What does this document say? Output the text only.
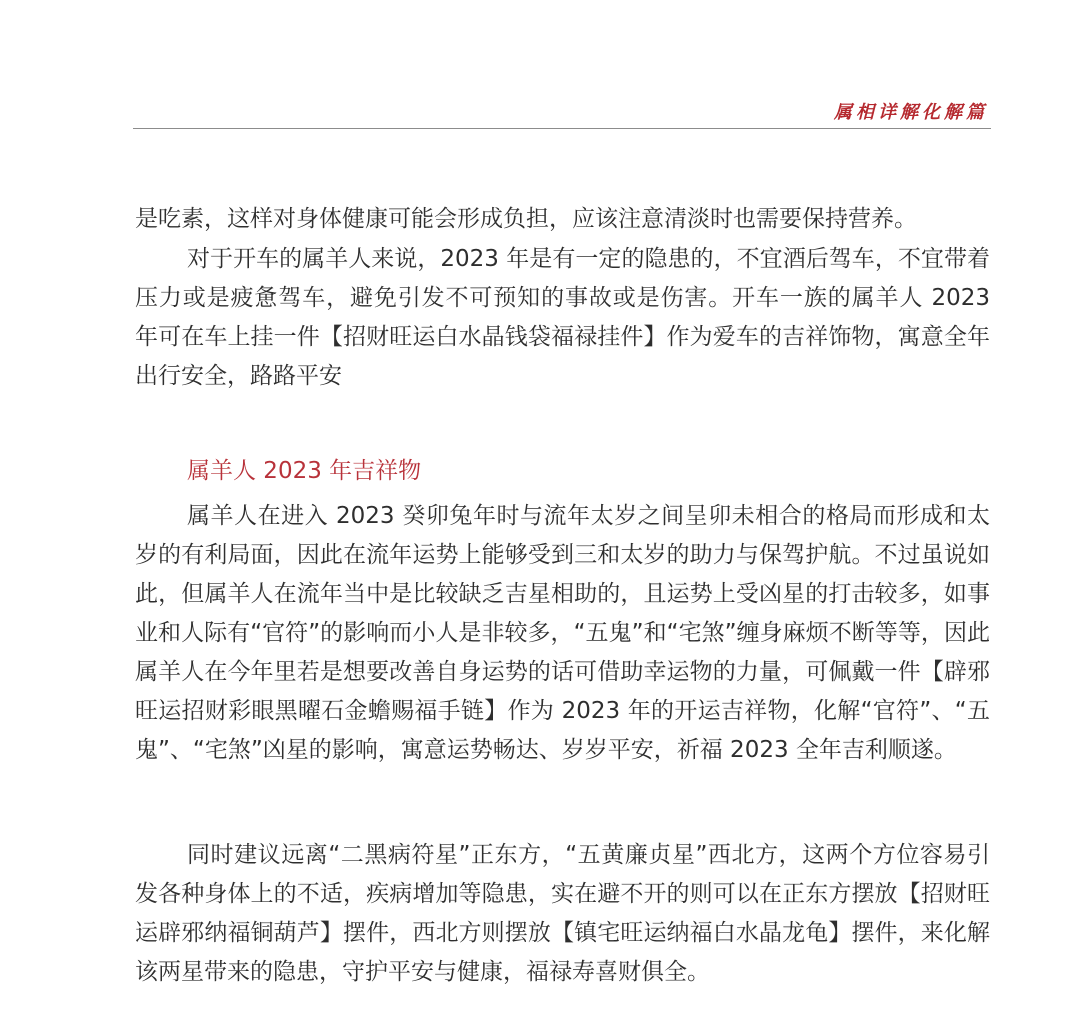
属相详解化解篇

是吃素，这样对身体健康可能会形成负担，应该注意清淡时也需要保持营养。

对于开车的属羊人来说，2023 年是有一定的隐患的，不宜酒后驾车，不宜带着压力或是疲惫驾车，避免引发不可预知的事故或是伤害。开车一族的属羊人 2023 年可在车上挂一件【招财旺运白水晶钱袋福禄挂件】作为爱车的吉祥饰物，寓意全年出行安全，路路平安

属羊人 2023 年吉祥物

属羊人在进入 2023 癸卯兔年时与流年太岁之间呈卯未相合的格局而形成和太岁的有利局面，因此在流年运势上能够受到三和太岁的助力与保驾护航。不过虽说如此，但属羊人在流年当中是比较缺乏吉星相助的，且运势上受凶星的打击较多，如事业和人际有“官符”的影响而小人是非较多，“五鬼”和“宅煞”缠身麻烦不断等等，因此属羊人在今年里若是想要改善自身运势的话可借助幸运物的力量，可佩戴一件【辟邪旺运招财彩眼黑曜石金蟾赐福手链】作为 2023 年的开运吉祥物，化解“官符”、“五鬼”、“宅煞”凶星的影响，寓意运势畅达、岁岁平安，祈福 2023 全年吉利顺遂。

同时建议远离“二黑病符星”正东方，“五黄廉贞星”西北方，这两个方位容易引发各种身体上的不适，疾病增加等隐患，实在避不开的则可以在正东方摆放【招财旺运辟邪纳福铜葫芦】摆件，西北方则摆放【镇宅旺运纳福白水晶龙龟】摆件，来化解该两星带来的隐患，守护平安与健康，福禄寿喜财俱全。
